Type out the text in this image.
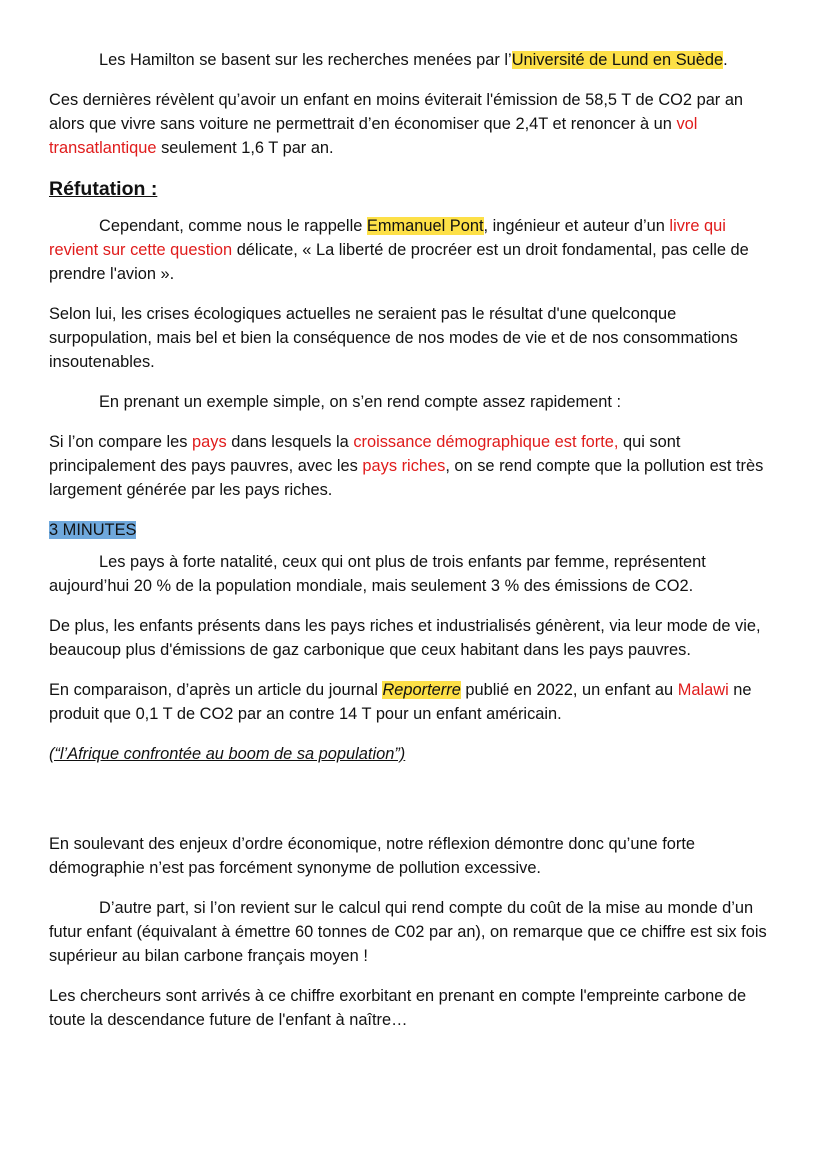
Les Hamilton se basent sur les recherches menées par l’Université de Lund en Suède.

Ces dernières révèlent qu’avoir un enfant en moins éviterait l'émission de 58,5 T de CO2 par an alors que vivre sans voiture ne permettrait d’en économiser que 2,4T et renoncer à un vol transatlantique seulement 1,6 T par an.

Réfutation :

Cependant, comme nous le rappelle Emmanuel Pont, ingénieur et auteur d’un livre qui revient sur cette question délicate, « La liberté de procréer est un droit fondamental, pas celle de prendre l'avion ».

Selon lui, les crises écologiques actuelles ne seraient pas le résultat d'une quelconque surpopulation, mais bel et bien la conséquence de nos modes de vie et de nos consommations insoutenables.

En prenant un exemple simple, on s’en rend compte assez rapidement :

Si l’on compare les pays dans lesquels la croissance démographique est forte, qui sont principalement des pays pauvres, avec les pays riches, on se rend compte que la pollution est très largement générée par les pays riches.

3 MINUTES

Les pays à forte natalité, ceux qui ont plus de trois enfants par femme, représentent aujourd’hui 20 % de la population mondiale, mais seulement 3 % des émissions de CO2.

De plus, les enfants présents dans les pays riches et industrialisés génèrent, via leur mode de vie, beaucoup plus d'émissions de gaz carbonique que ceux habitant dans les pays pauvres.

En comparaison, d’après un article du journal Reporterre publié en 2022, un enfant au Malawi ne produit que 0,1 T de CO2 par an contre 14 T pour un enfant américain.

(“l’Afrique confrontée au boom de sa population”)

En soulevant des enjeux d’ordre économique, notre réflexion démontre donc qu’une forte démographie n’est pas forcément synonyme de pollution excessive.

D’autre part, si l’on revient sur le calcul qui rend compte du coût de la mise au monde d’un futur enfant (équivalant à émettre 60 tonnes de C02 par an), on remarque que ce chiffre est six fois supérieur au bilan carbone français moyen !

Les chercheurs sont arrivés à ce chiffre exorbitant en prenant en compte l'empreinte carbone de toute la descendance future de l'enfant à naître…
